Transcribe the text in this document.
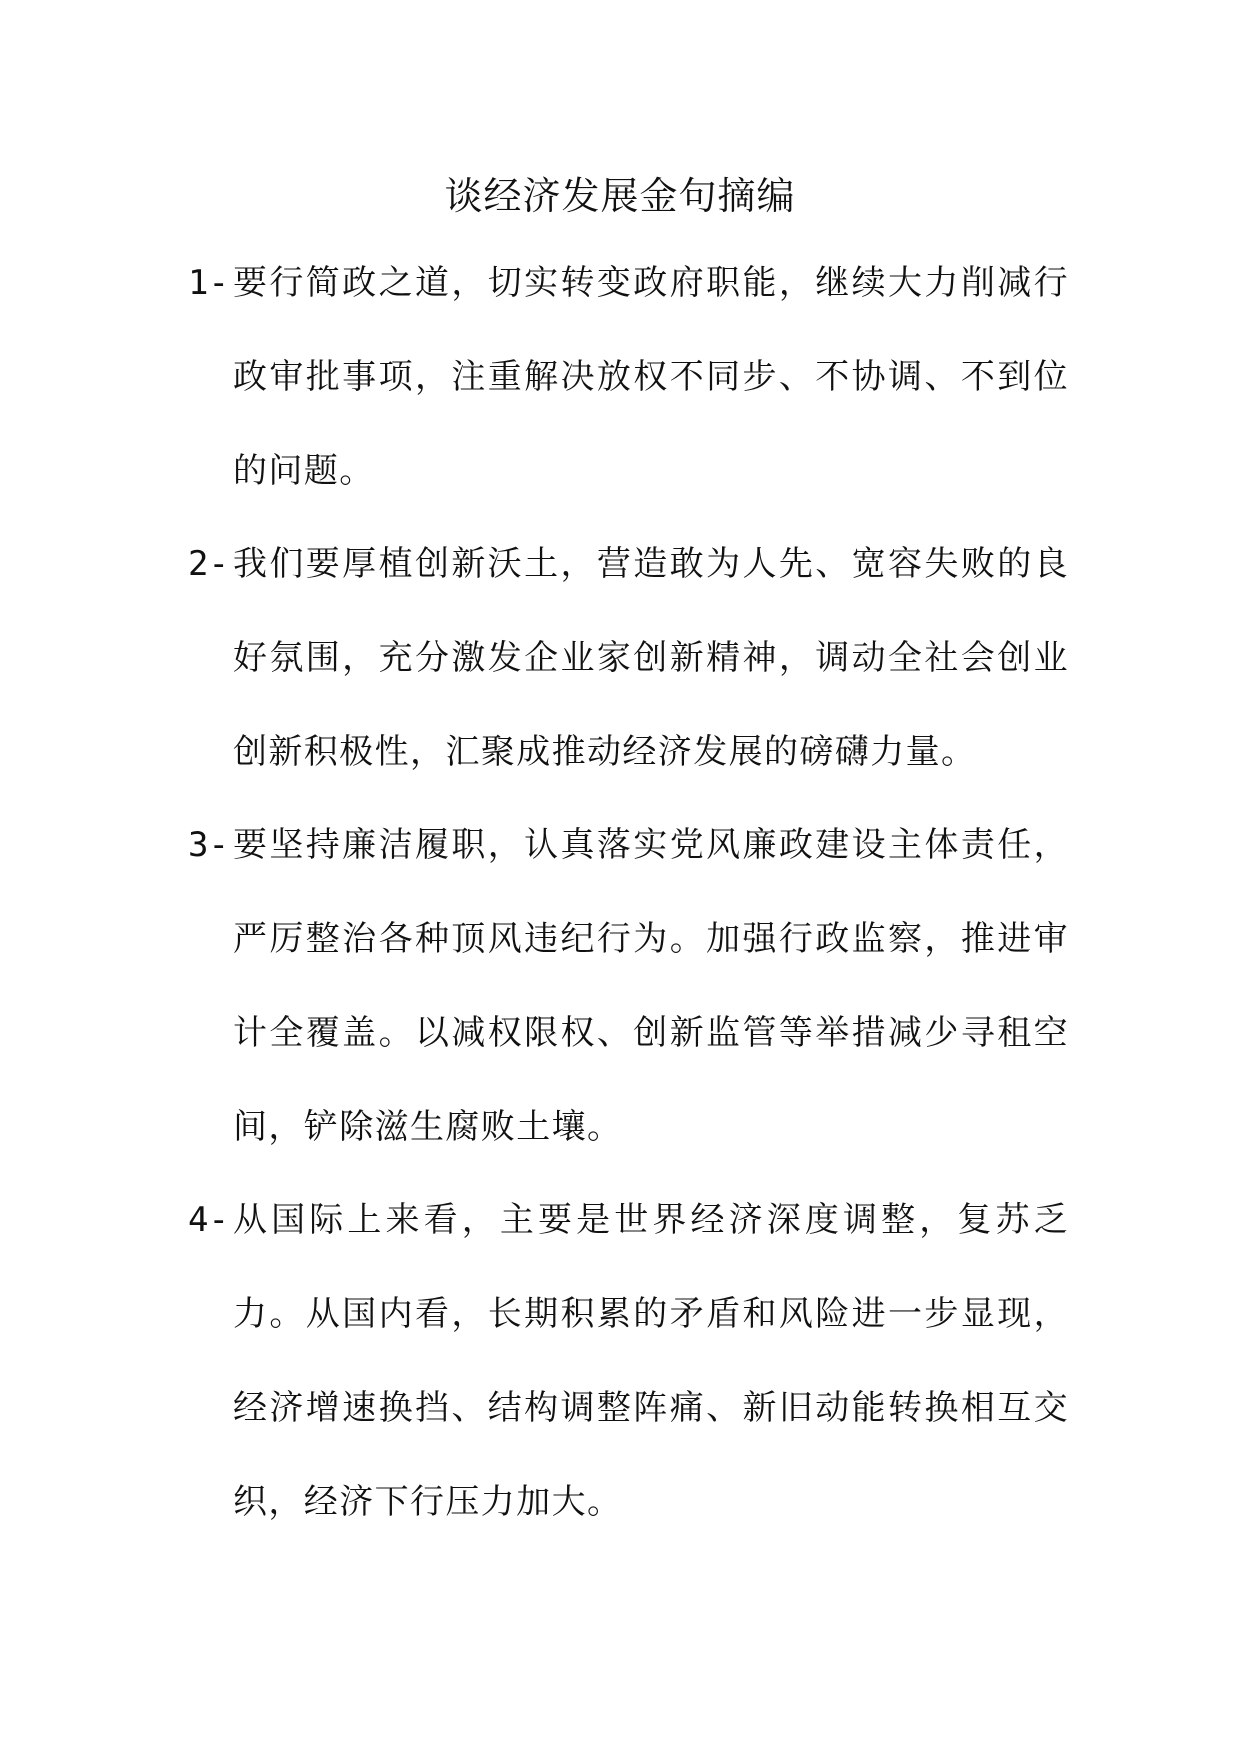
谈经济发展金句摘编
1- 要行简政之道，切实转变政府职能，继续大力削减行政审批事项，注重解决放权不同步、不协调、不到位的问题。

2- 我们要厚植创新沃土，营造敢为人先、宽容失败的良好氛围，充分激发企业家创新精神，调动全社会创业创新积极性，汇聚成推动经济发展的磅礴力量。

3- 要坚持廉洁履职，认真落实党风廉政建设主体责任，严厉整治各种顶风违纪行为。加强行政监察，推进审计全覆盖。以减权限权、创新监管等举措减少寻租空间，铲除滋生腐败土壤。

4- 从国际上来看，主要是世界经济深度调整，复苏乏力。从国内看，长期积累的矛盾和风险进一步显现，经济增速换挡、结构调整阵痛、新旧动能转换相互交织，经济下行压力加大。
